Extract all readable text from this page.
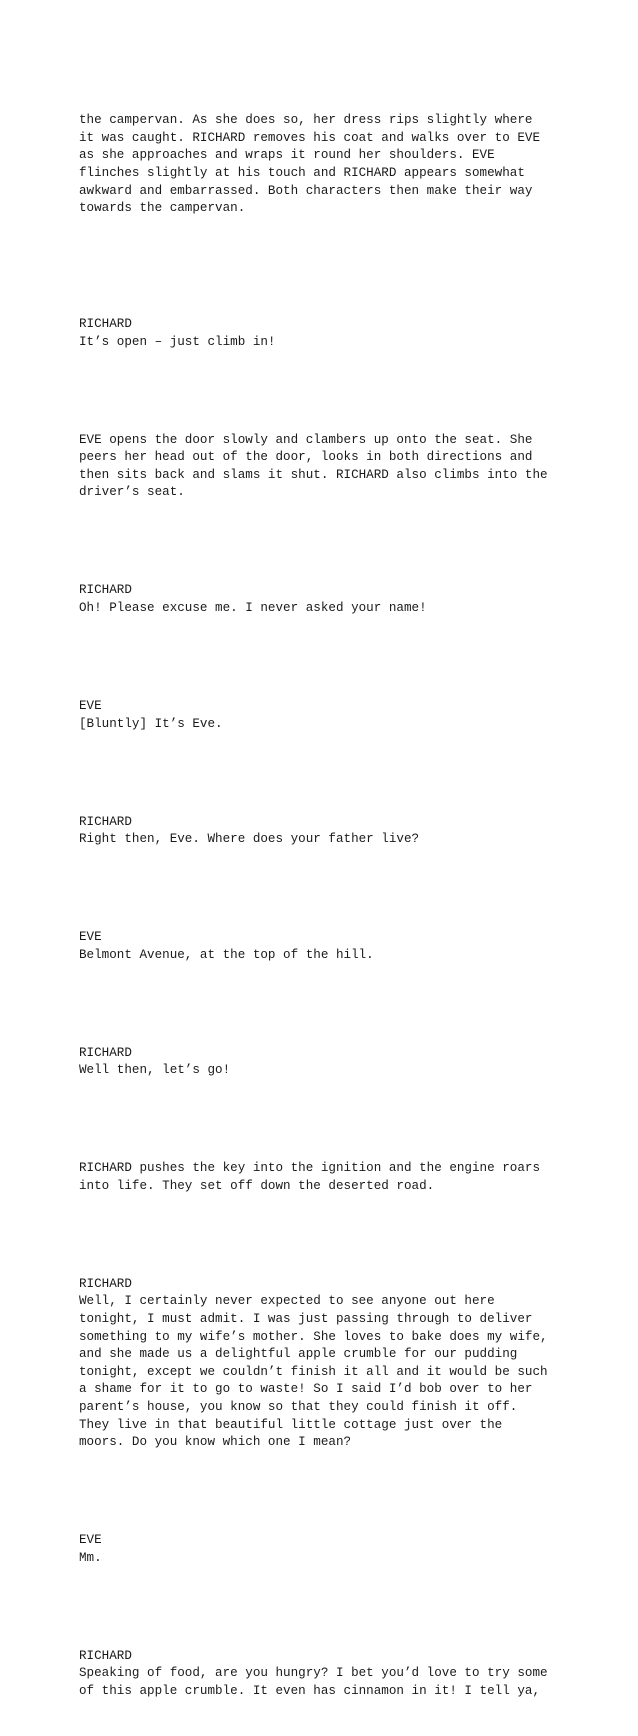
the campervan. As she does so, her dress rips slightly where
it was caught. RICHARD removes his coat and walks over to EVE
as she approaches and wraps it round her shoulders. EVE
flinches slightly at his touch and RICHARD appears somewhat
awkward and embarrassed. Both characters then make their way
towards the campervan.

RICHARD
It’s open – just climb in!

EVE opens the door slowly and clambers up onto the seat. She
peers her head out of the door, looks in both directions and
then sits back and slams it shut. RICHARD also climbs into the
driver’s seat.

RICHARD
Oh! Please excuse me. I never asked your name!

EVE
[Bluntly] It’s Eve.

RICHARD
Right then, Eve. Where does your father live?

EVE
Belmont Avenue, at the top of the hill.

RICHARD
Well then, let’s go!

RICHARD pushes the key into the ignition and the engine roars
into life. They set off down the deserted road.

RICHARD
Well, I certainly never expected to see anyone out here
tonight, I must admit. I was just passing through to deliver
something to my wife’s mother. She loves to bake does my wife,
and she made us a delightful apple crumble for our pudding
tonight, except we couldn’t finish it all and it would be such
a shame for it to go to waste! So I said I’d bob over to her
parent’s house, you know so that they could finish it off.
They live in that beautiful little cottage just over the
moors. Do you know which one I mean?

EVE
Mm.

RICHARD
Speaking of food, are you hungry? I bet you’d love to try some
of this apple crumble. It even has cinnamon in it! I tell ya,
